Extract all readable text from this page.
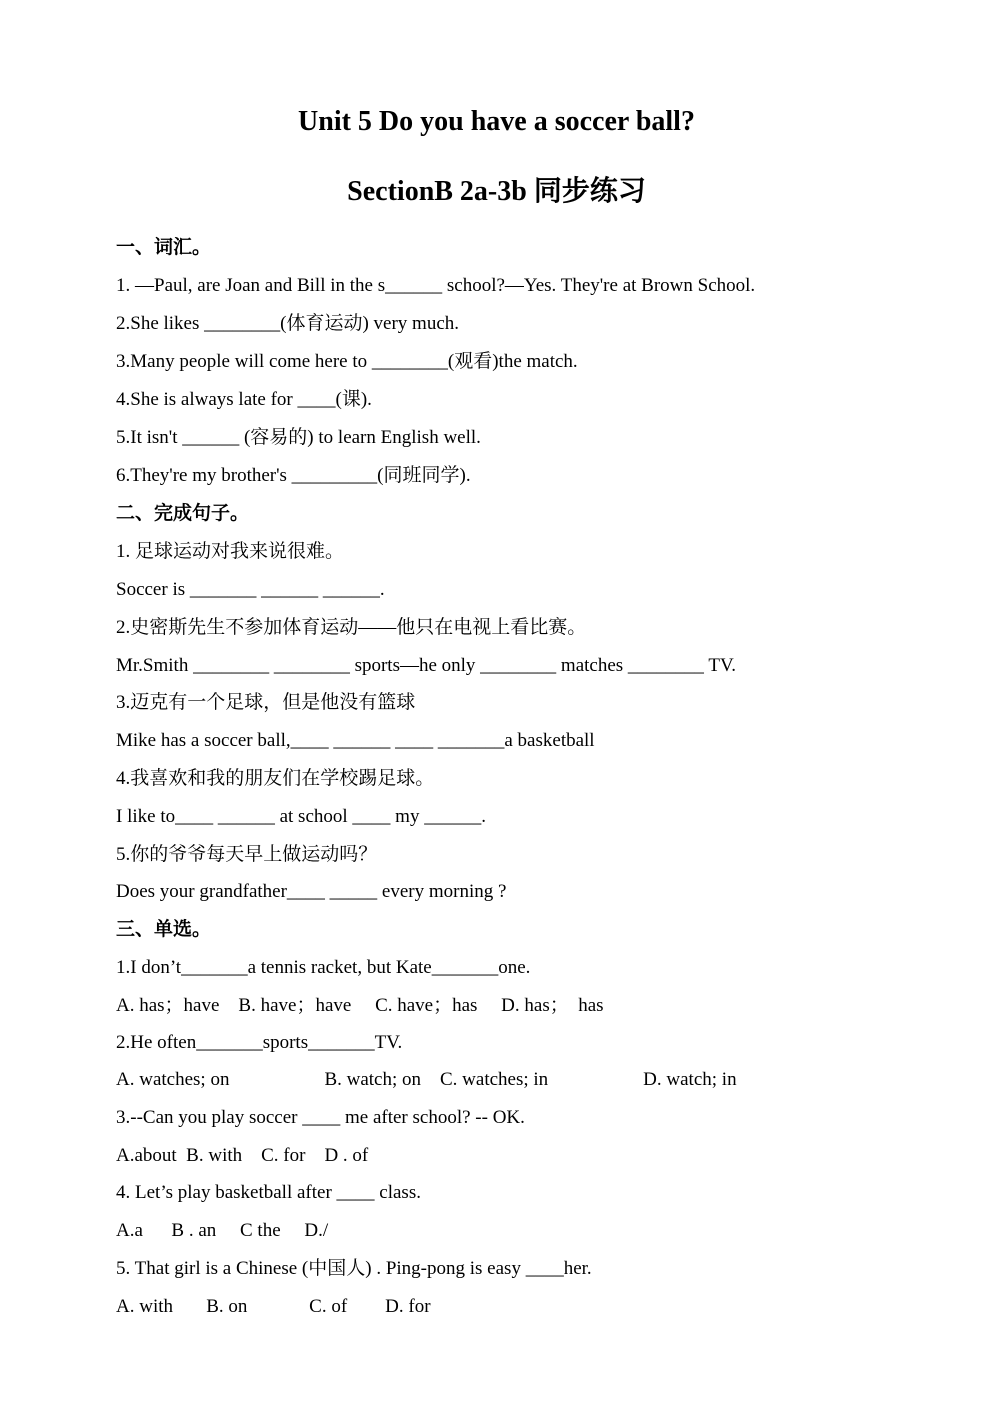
Unit 5 Do you have a soccer ball?
SectionB 2a-3b 同步练习

一、词汇。

1. —Paul, are Joan and Bill in the s______ school?—Yes. They're at Brown School.

2.She likes ________(体育运动) very much.

3.Many people will come here to ________(观看)the match.

4.She is always late for ____(课).

5.It isn't ______ (容易的) to learn English well.

6.They're my brother's _________(同班同学).

二、完成句子。

1. 足球运动对我来说很难。

Soccer is _______ ______ ______.

2.史密斯先生不参加体育运动——他只在电视上看比赛。

Mr.Smith ________ ________ sports—he only ________ matches ________ TV.

3.迈克有一个足球，但是他没有篮球

Mike has a soccer ball,____ ______ ____ _______a basketball

4.我喜欢和我的朋友们在学校踢足球。

I like to____ ______ at school ____ my ______.

5.你的爷爷每天早上做运动吗？

Does your grandfather____ _____ every morning ?

三、单选。

1.I don’t_______a tennis racket, but Kate_______one.

A. has；have    B. have；have     C. have；has     D. has；  has

2.He often_______sports_______TV.

A. watches; on                    B. watch; on    C. watches; in                    D. watch; in

3.--Can you play soccer ____ me after school? -- OK.

A.about  B. with    C. for    D . of

4. Let’s play basketball after ____ class.

A.a      B . an     C the     D./

5. That girl is a Chinese (中国人) . Ping-pong is easy ____her.

A. with       B. on             C. of        D. for
